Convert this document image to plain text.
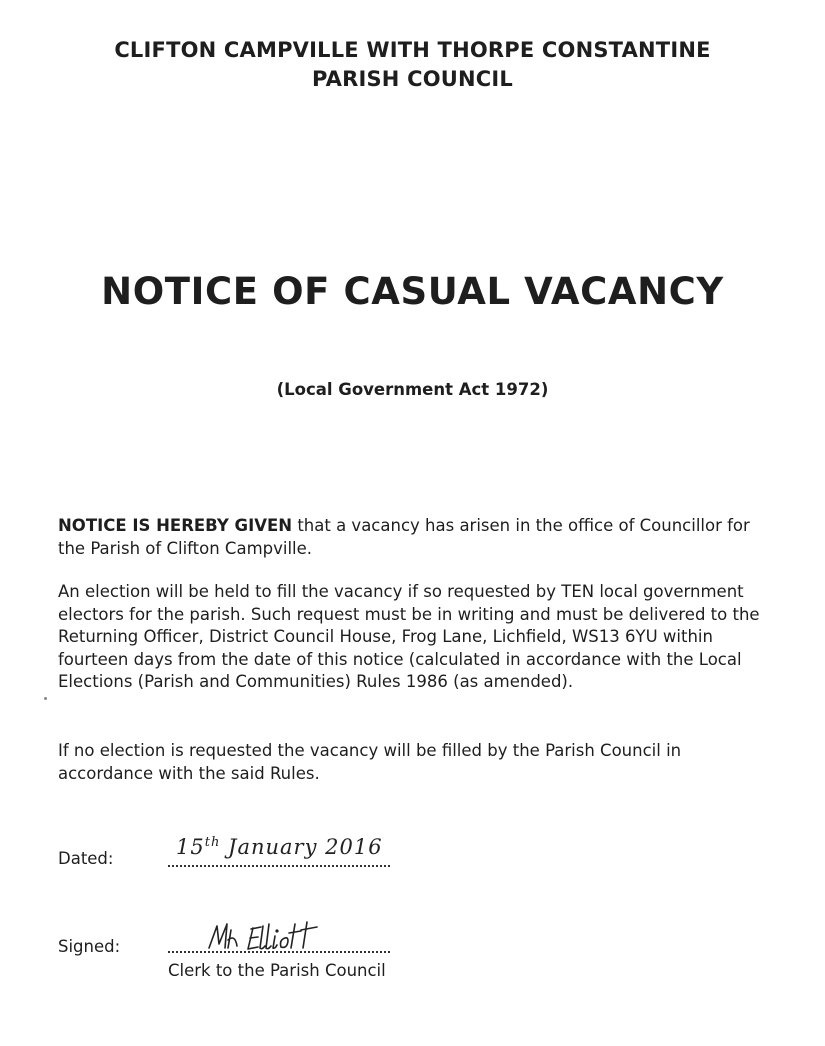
CLIFTON CAMPVILLE WITH THORPE CONSTANTINE
PARISH COUNCIL
NOTICE OF CASUAL VACANCY
(Local Government Act 1972)
NOTICE IS HEREBY GIVEN that a vacancy has arisen in the office of Councillor for the Parish of Clifton Campville.
An election will be held to fill the vacancy if so requested by TEN local government electors for the parish. Such request must be in writing and must be delivered to the Returning Officer, District Council House, Frog Lane, Lichfield, WS13 6YU within fourteen days from the date of this notice (calculated in accordance with the Local Elections (Parish and Communities) Rules 1986 (as amended).
If no election is requested the vacancy will be filled by the Parish Council in accordance with the said Rules.
Dated:	15th January 2016
Signed:
Clerk to the Parish Council
